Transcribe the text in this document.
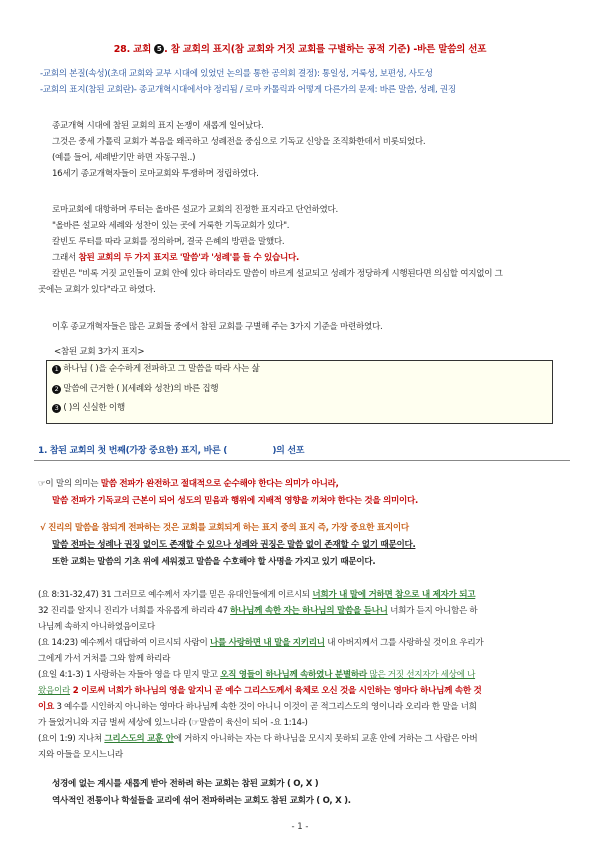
28. 교회 5 . 참 교회의 표지(참 교회와 거짓 교회를 구별하는 공적 기준) -바른 말씀의 선포
-교회의 본질(속성)(초대 교회와 교부 시대에 있었던 논의를 통한 공의회 결정): 통일성, 거룩성, 보편성, 사도성
-교회의 표지(참된 교회란)- 종교개혁시대에서야 정리됨 / 로마 카톨릭과 어떻게 다른가의 문제: 바른 말씀, 성례, 권징
종교개혁 시대에 참된 교회의 표지 논쟁이 새롭게 일어났다.
그것은 중세 가톨릭 교회가 복음을 왜곡하고 성례전을 중심으로 기독교 신앙을 조직화한데서 비롯되었다.
(예를 들어, 세례받기만 하면 자동구원..)
16세기 종교개혁자들이 로마교회와 투쟁하며 정립하였다.
로마교회에 대항하며 루터는 올바른 설교가 교회의 진정한 표지라고 단언하였다.
"올바른 설교와 세례와 성찬이 있는 곳에 거룩한 기독교회가 있다".
칼빈도 루터를 따라 교회를 정의하며, 결국 은혜의 방편을 말했다.
그래서 참된 교회의 두 가지 표지로 '말씀'과 '성례'를 들 수 있습니다.
칼빈은 "비록 거짓 교인들이 교회 안에 있다 하더라도 말씀이 바르게 설교되고 성례가 정당하게 시행된다면 의심할 여지없이 그
곳에는 교회가 있다"라고 하였다.
이후 종교개혁자들은 많은 교회들 중에서 참된 교회를 구별해 주는 3가지 기준을 마련하였다.
<참된 교회 3가지 표지>
1 하나님 ( )을 순수하게 전파하고 그 말씀을 따라 사는 삶
2 말씀에 근거한 ( )(세례와 성찬)의 바른 집행
3 ( )의 신실한 이행
1. 참된 교회의 첫 번째(가장 중요한) 표지, 바른 (	)의 선포
☞이 말의 의미는 말씀 전파가 완전하고 절대적으로 순수해야 한다는 의미가 아니라,
말씀 전파가 기독교의 근본이 되어 성도의 믿음과 행위에 지배적 영향을 끼쳐야 한다는 것을 의미이다.
√ 진리의 말씀을 참되게 전파하는 것은 교회를 교회되게 하는 표지 중의 표지 즉, 가장 중요한 표지이다
말씀 전파는 성례나 권징 없이도 존재할 수 있으나 성례와 권징은 말씀 없이 존재할 수 없기 때문이다.
또한 교회는 말씀의 기초 위에 세워졌고 말씀을 수호해야 할 사명을 가지고 있기 때문이다.
(요 8:31-32,47) 31 그러므로 예수께서 자기를 믿은 유대인들에게 이르시되 너희가 내 말에 거하면 참으로 내 제자가 되고
32 진리를 알지니 진리가 너희를 자유롭게 하리라 47 하나님께 속한 자는 하나님의 말씀을 듣나니 너희가 듣지 아니함은 하
나님께 속하지 아니하였음이로다
(요 14:23) 예수께서 대답하여 이르시되 사람이 나를 사랑하면 내 말을 지키리니 내 아버지께서 그를 사랑하실 것이요 우리가
그에게 가서 거처를 그와 함께 하리라
(요일 4:1-3) 1 사랑하는 자들아 영을 다 믿지 말고 오직 영들이 하나님께 속하였나 분별하라 많은 거짓 선지자가 세상에 나
왔음이라 2 이로써 너희가 하나님의 영을 알지니 곧 예수 그리스도께서 육체로 오신 것을 시인하는 영마다 하나님께 속한 것
이요 3 예수를 시인하지 아니하는 영마다 하나님께 속한 것이 아니니 이것이 곧 적그리스도의 영이니라 오리라 한 말을 너희
가 들었거니와 지금 벌써 세상에 있느니라 (☞말씀이 육신이 되어 -요 1:14-)
(요이 1:9) 지나쳐 그리스도의 교훈 안에 거하지 아니하는 자는 다 하나님을 모시지 못하되 교훈 안에 거하는 그 사람은 아버
지와 아들을 모시느니라
성경에 없는 계시를 새롭게 받아 전하려 하는 교회는 참된 교회가 ( O, X )
역사적인 전통이나 학설들을 교리에 섞어 전파하려는 교회도 참된 교회가 ( O, X ).
- 1 -
